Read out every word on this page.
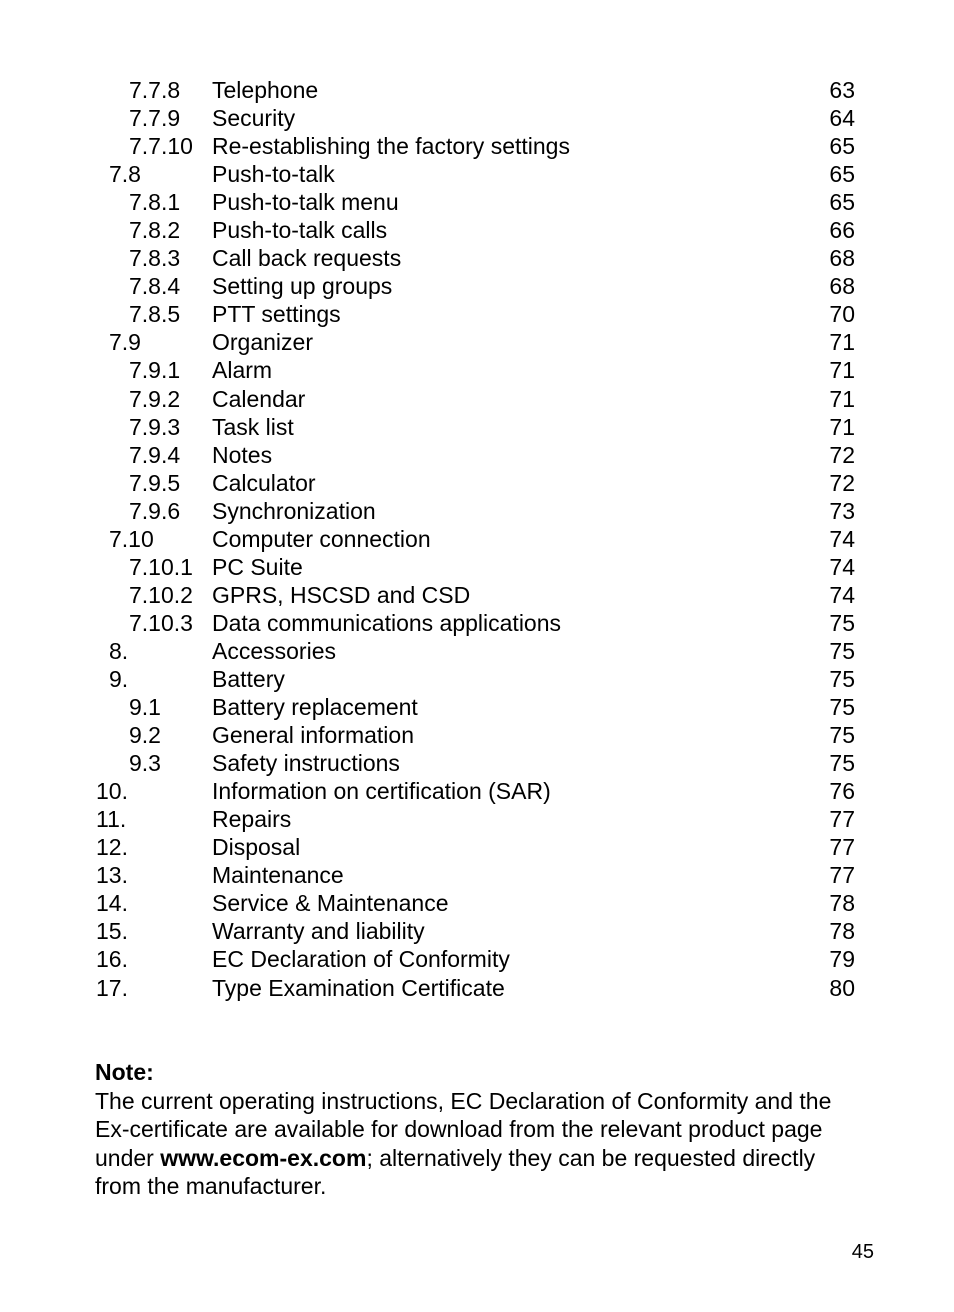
7.7.8 Telephone	63
7.7.9 Security	64
7.7.10 Re-establishing the factory settings	65
7.8	Push-to-talk	65
7.8.1 Push-to-talk menu	65
7.8.2 Push-to-talk calls	66
7.8.3 Call back requests	68
7.8.4 Setting up groups	68
7.8.5 PTT settings	70
7.9	Organizer	71
7.9.1 Alarm	71
7.9.2 Calendar	71
7.9.3 Task list	71
7.9.4 Notes	72
7.9.5 Calculator	72
7.9.6 Synchronization	73
7.10	Computer connection	74
7.10.1 PC Suite	74
7.10.2 GPRS, HSCSD and CSD	74
7.10.3 Data communications applications	75
8.	Accessories	75
9.	Battery	75
9.1 Battery replacement	75
9.2 General information	75
9.3 Safety instructions	75
10.	Information on certification (SAR)	76
11.	Repairs	77
12.	Disposal	77
13.	Maintenance	77
14.	Service & Maintenance	78
15.	Warranty and liability	78
16.	EC Declaration of Conformity	79
17.	Type Examination Certificate	80
Note:
The current operating instructions, EC Declaration of Conformity and the Ex-certificate are available for download from the relevant product page under www.ecom-ex.com; alternatively they can be requested directly from the manufacturer.
45
